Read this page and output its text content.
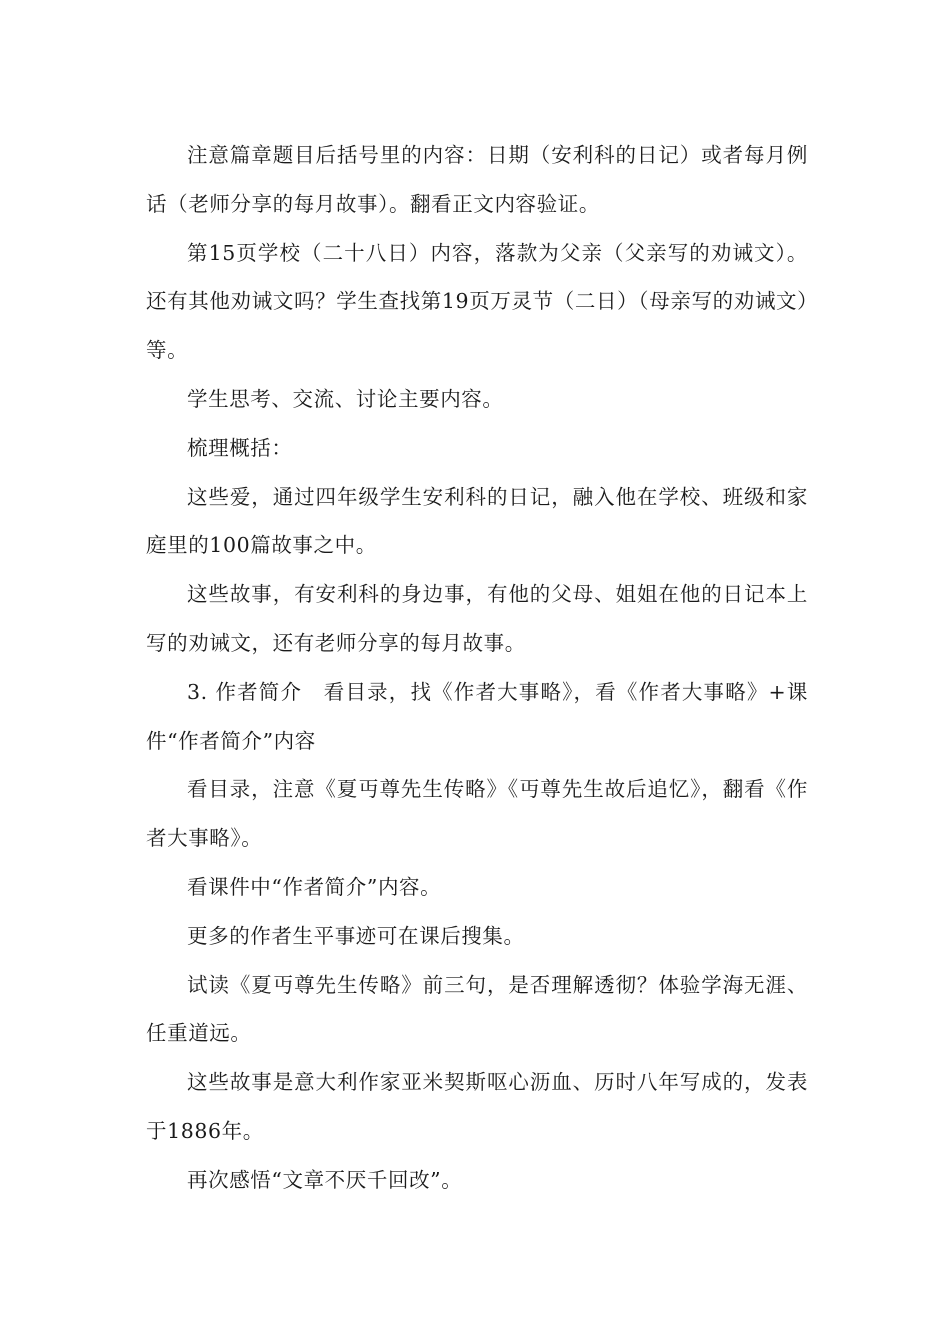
注意篇章题目后括号里的内容：日期（安利科的日记）或者每月例话（老师分享的每月故事）。翻看正文内容验证。

第15页学校（二十八日）内容，落款为父亲（父亲写的劝诫文）。还有其他劝诫文吗？学生查找第19页万灵节（二日）（母亲写的劝诫文）等。

学生思考、交流、讨论主要内容。

梳理概括：

这些爱，通过四年级学生安利科的日记，融入他在学校、班级和家庭里的100篇故事之中。

这些故事，有安利科的身边事，有他的父母、姐姐在他的日记本上写的劝诫文，还有老师分享的每月故事。

3. 作者简介　看目录，找《作者大事略》，看《作者大事略》+课件“作者简介”内容

看目录，注意《夏丏尊先生传略》《丏尊先生故后追忆》，翻看《作者大事略》。

看课件中“作者简介”内容。

更多的作者生平事迹可在课后搜集。

试读《夏丏尊先生传略》前三句，是否理解透彻？体验学海无涯、任重道远。

这些故事是意大利作家亚米契斯呕心沥血、历时八年写成的，发表于1886年。

再次感悟“文章不厌千回改”。
